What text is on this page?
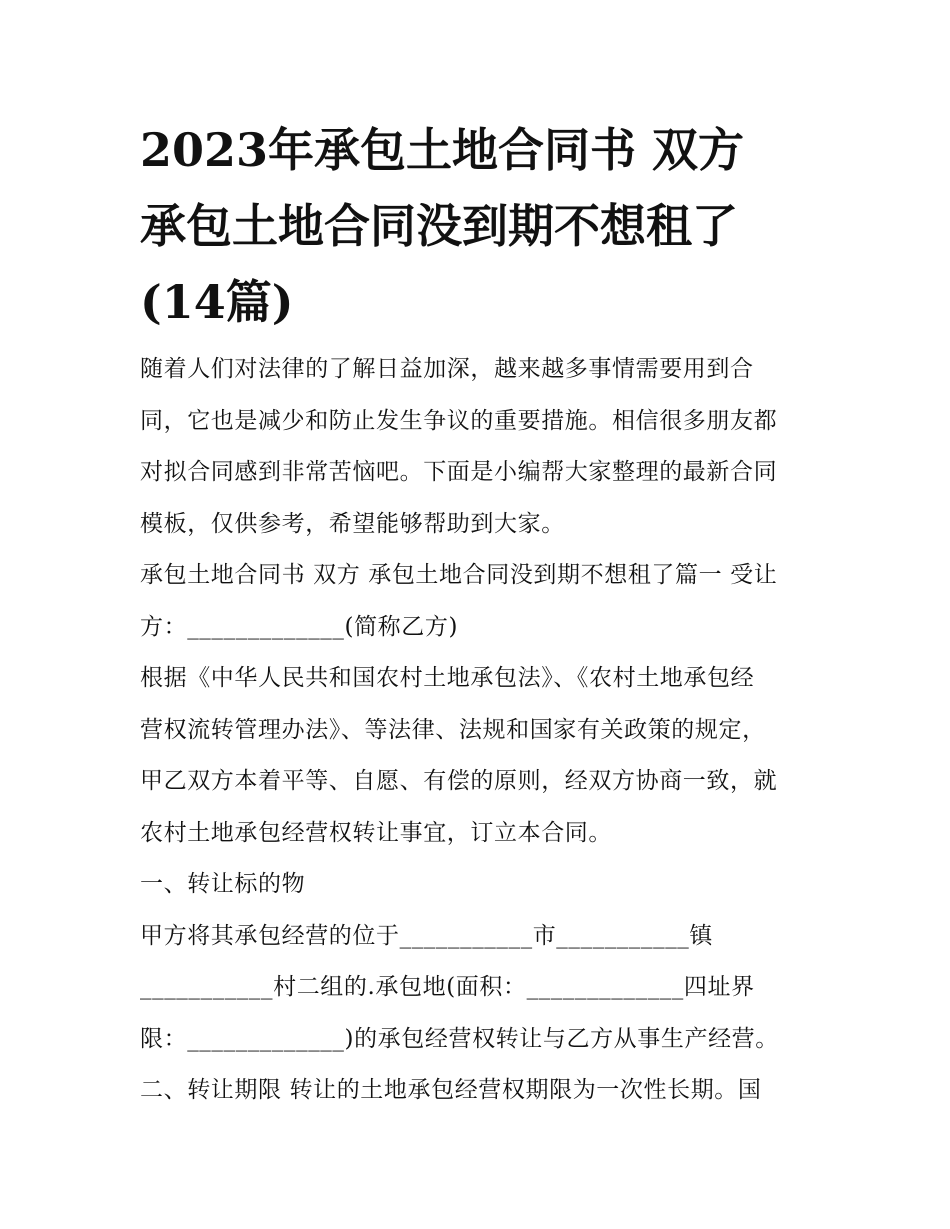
2023年承包土地合同书 双方
承包土地合同没到期不想租了
(14篇)

随着人们对法律的了解日益加深，越来越多事情需要用到合
同，它也是减少和防止发生争议的重要措施。相信很多朋友都
对拟合同感到非常苦恼吧。下面是小编帮大家整理的最新合同
模板，仅供参考，希望能够帮助到大家。

承包土地合同书 双方 承包土地合同没到期不想租了篇一 受让
方：_____________(简称乙方)

根据《中华人民共和国农村土地承包法》、《农村土地承包经
营权流转管理办法》、等法律、法规和国家有关政策的规定，
甲乙双方本着平等、自愿、有偿的原则，经双方协商一致，就
农村土地承包经营权转让事宜，订立本合同。

一、转让标的物

甲方将其承包经营的位于___________市___________镇
___________村二组的.承包地(面积：_____________四址界
限：_____________)的承包经营权转让与乙方从事生产经营。

二、转让期限 转让的土地承包经营权期限为一次性长期。国
